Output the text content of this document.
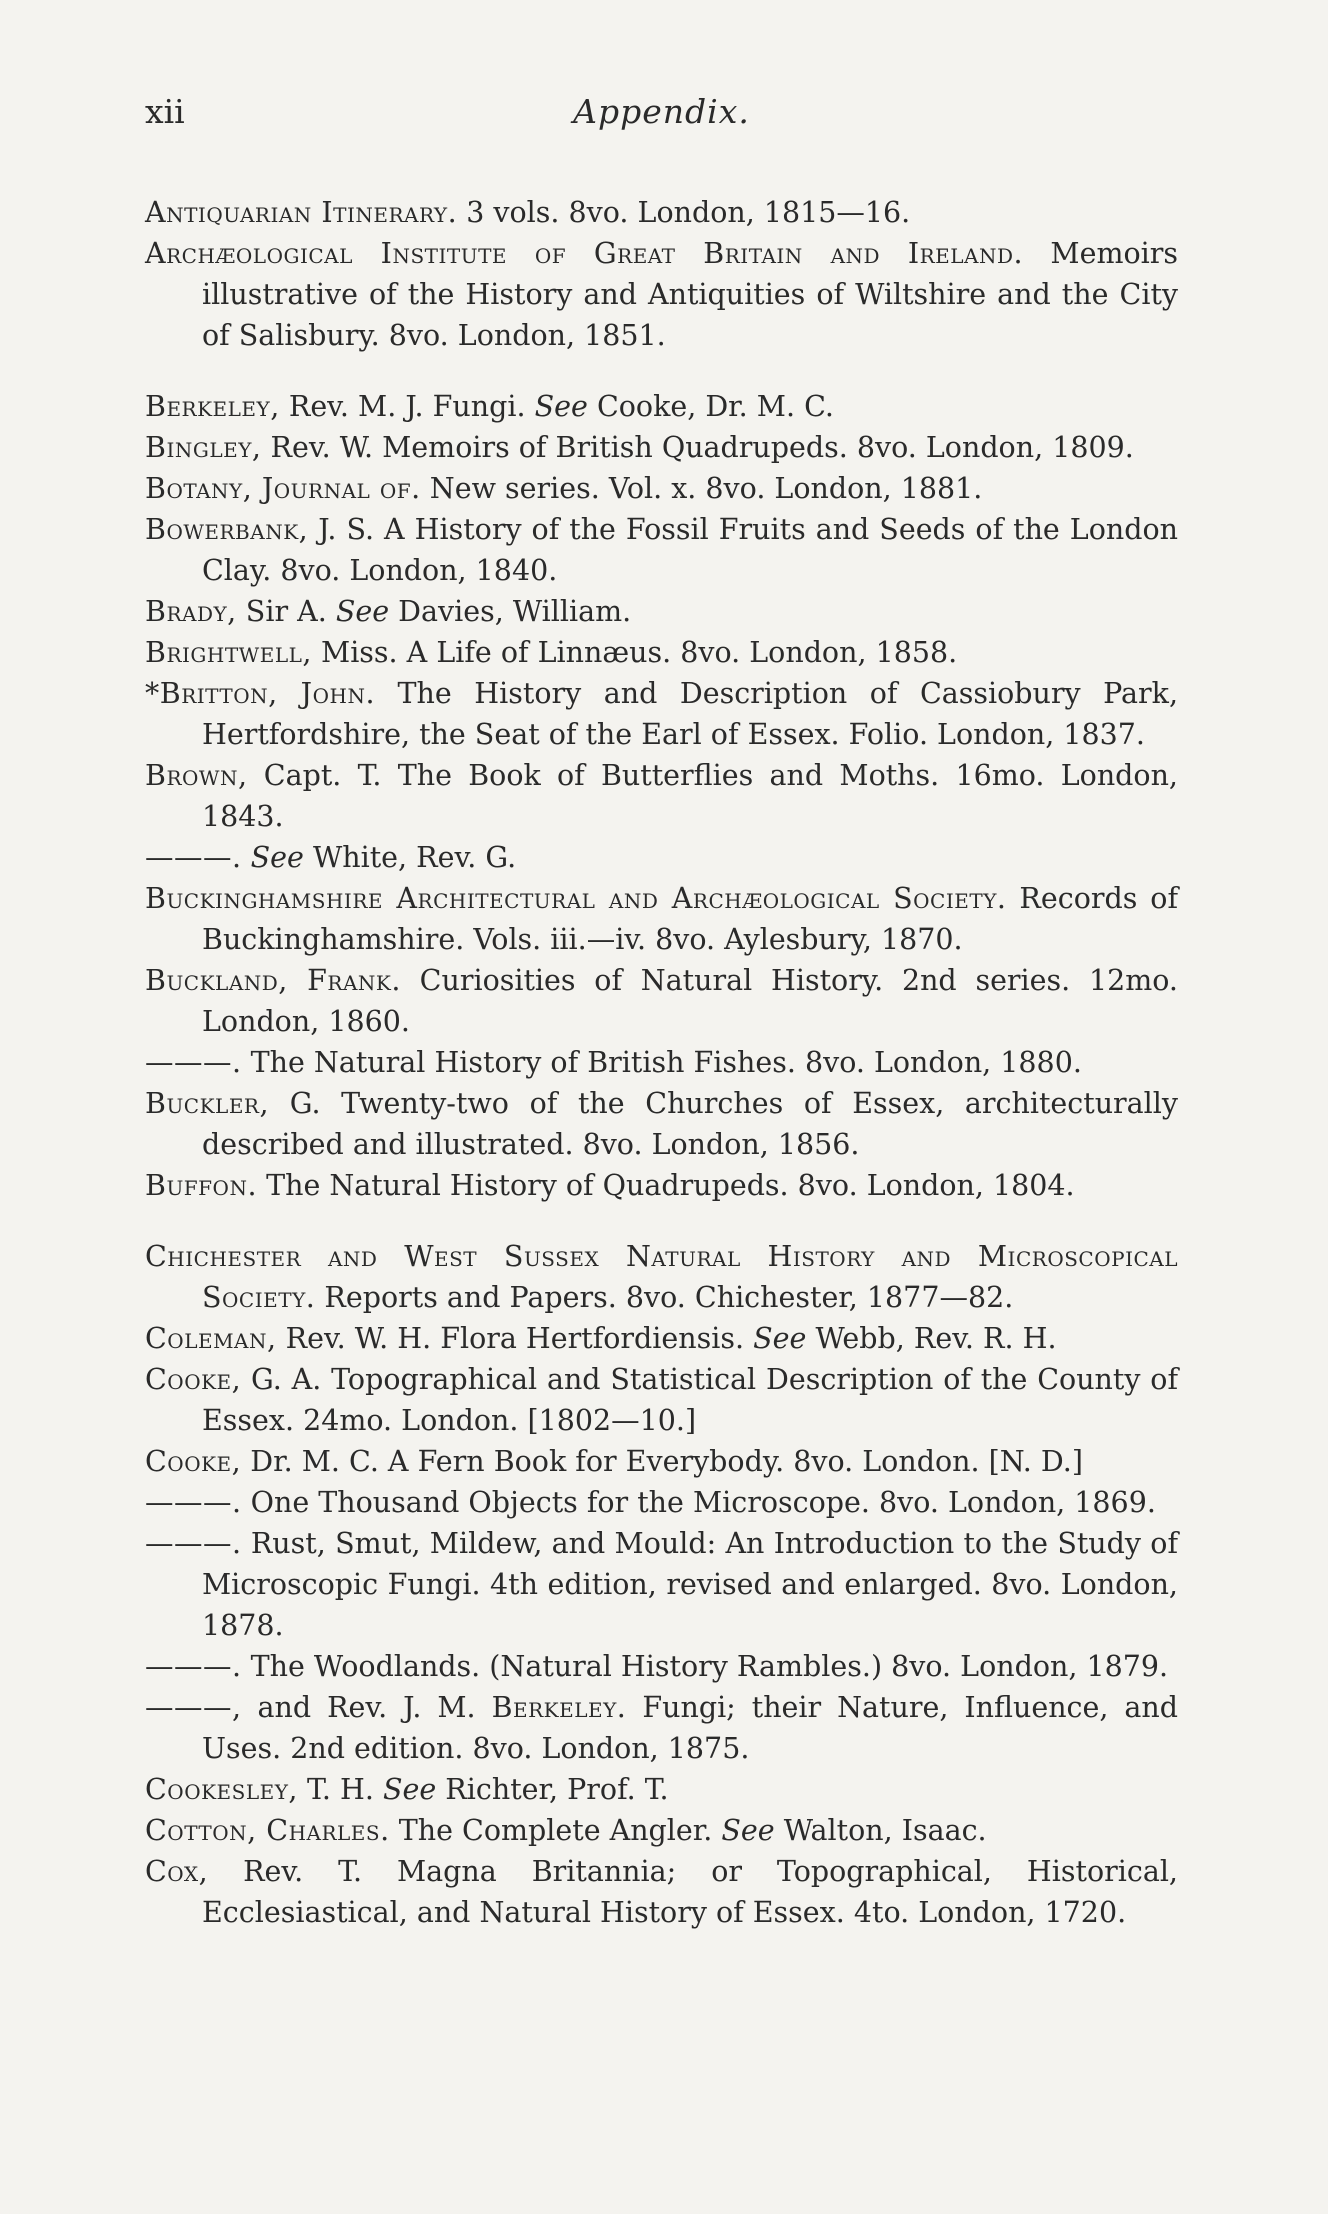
xii	Appendix.

Antiquarian Itinerary. 3 vols. 8vo. London, 1815—16.

Archæological Institute of Great Britain and Ireland. Memoirs illustrative of the History and Antiquities of Wiltshire and the City of Salisbury. 8vo. London, 1851.

Berkeley, Rev. M. J. Fungi. See Cooke, Dr. M. C.

Bingley, Rev. W. Memoirs of British Quadrupeds. 8vo. London, 1809.

Botany, Journal of. New series. Vol. x. 8vo. London, 1881.

Bowerbank, J. S. A History of the Fossil Fruits and Seeds of the London Clay. 8vo. London, 1840.

Brady, Sir A. See Davies, William.

Brightwell, Miss. A Life of Linnæus. 8vo. London, 1858.

*Britton, John. The History and Description of Cassiobury Park, Hertfordshire, the Seat of the Earl of Essex. Folio. London, 1837.

Brown, Capt. T. The Book of Butterflies and Moths. 16mo. London, 1843.

———. See White, Rev. G.

Buckinghamshire Architectural and Archæological Society. Records of Buckinghamshire. Vols. iii.—iv. 8vo. Aylesbury, 1870.

Buckland, Frank. Curiosities of Natural History. 2nd series. 12mo. London, 1860.

———. The Natural History of British Fishes. 8vo. London, 1880.

Buckler, G. Twenty-two of the Churches of Essex, architecturally described and illustrated. 8vo. London, 1856.

Buffon. The Natural History of Quadrupeds. 8vo. London, 1804.

Chichester and West Sussex Natural History and Microscopical Society. Reports and Papers. 8vo. Chichester, 1877—82.

Coleman, Rev. W. H. Flora Hertfordiensis. See Webb, Rev. R. H.

Cooke, G. A. Topographical and Statistical Description of the County of Essex. 24mo. London. [1802—10.]

Cooke, Dr. M. C. A Fern Book for Everybody. 8vo. London. [N. D.]

———. One Thousand Objects for the Microscope. 8vo. London, 1869.

———. Rust, Smut, Mildew, and Mould: An Introduction to the Study of Microscopic Fungi. 4th edition, revised and enlarged. 8vo. London, 1878.

———. The Woodlands. (Natural History Rambles.) 8vo. London, 1879.

———, and Rev. J. M. Berkeley. Fungi; their Nature, Influence, and Uses. 2nd edition. 8vo. London, 1875.

Cookesley, T. H. See Richter, Prof. T.

Cotton, Charles. The Complete Angler. See Walton, Isaac.

Cox, Rev. T. Magna Britannia; or Topographical, Historical, Ecclesiastical, and Natural History of Essex. 4to. London, 1720.
